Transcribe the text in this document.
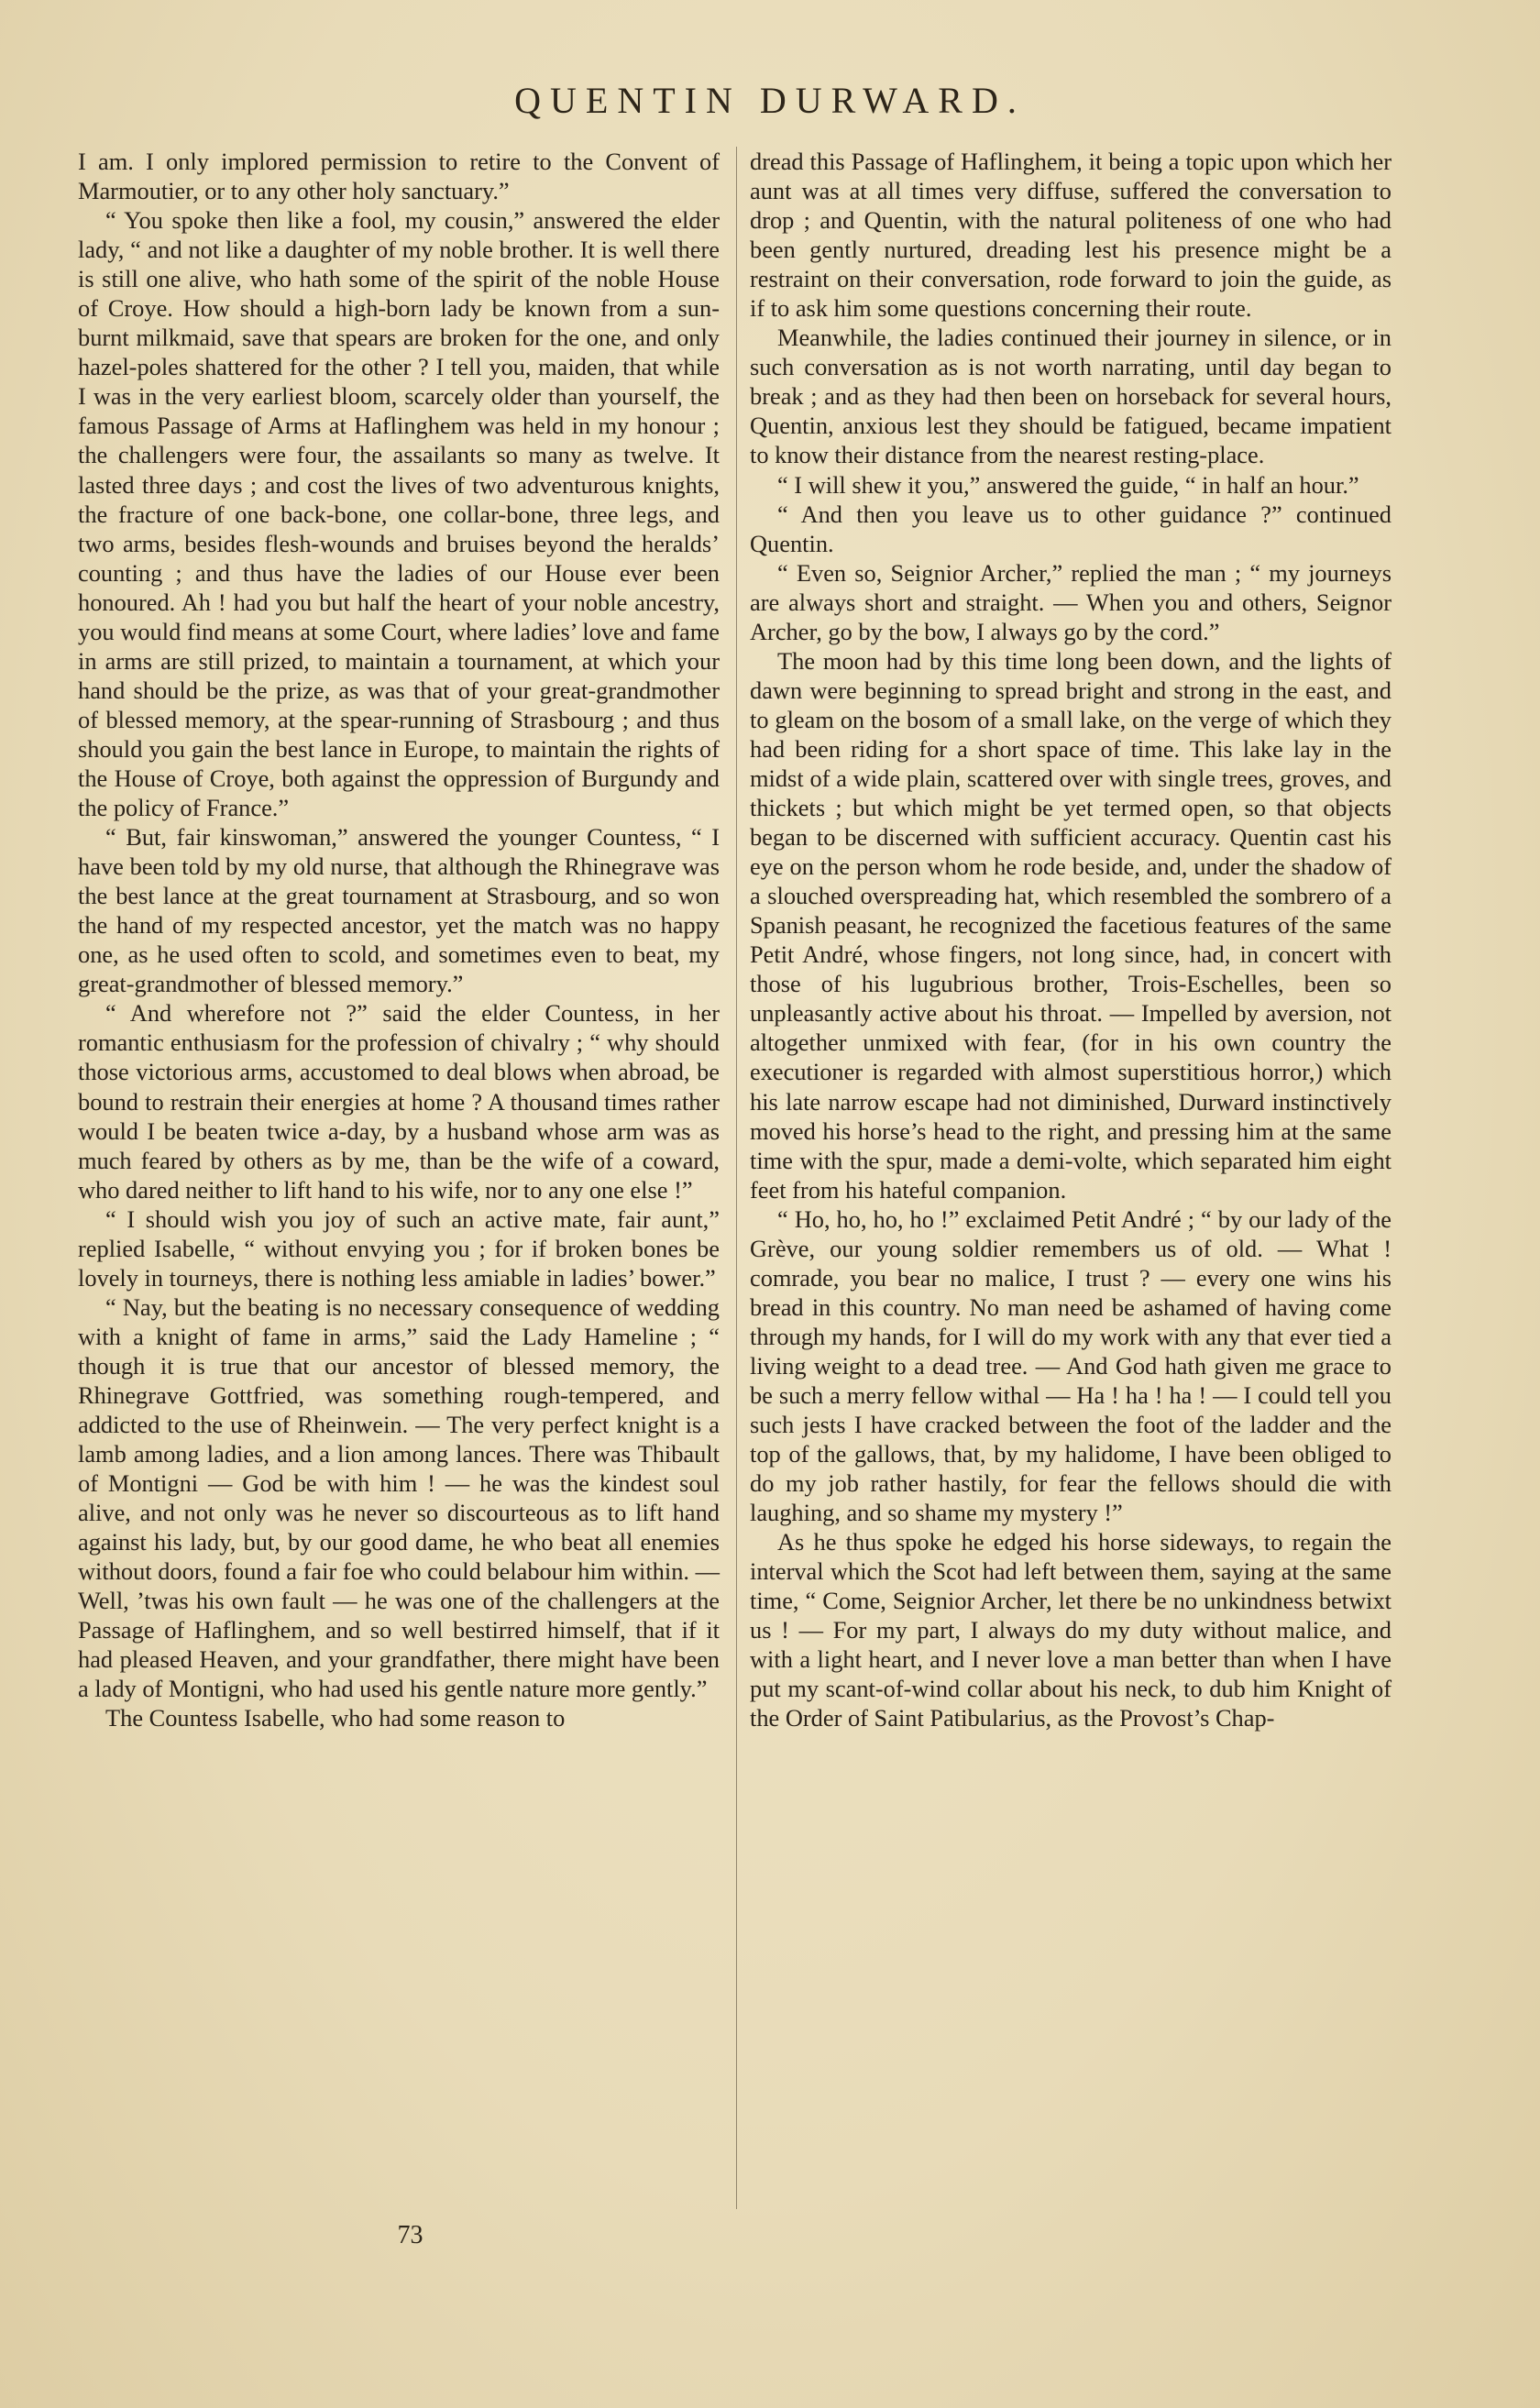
QUENTIN DURWARD.

I am. I only implored permission to retire to the Convent of Marmoutier, or to any other holy sanctuary.”

“ You spoke then like a fool, my cousin,” answered the elder lady, “ and not like a daughter of my noble brother. It is well there is still one alive, who hath some of the spirit of the noble House of Croye. How should a high-born lady be known from a sun-burnt milkmaid, save that spears are broken for the one, and only hazel-poles shattered for the other ? I tell you, maiden, that while I was in the very earliest bloom, scarcely older than yourself, the famous Passage of Arms at Haflinghem was held in my honour ; the challengers were four, the assailants so many as twelve. It lasted three days ; and cost the lives of two adventurous knights, the fracture of one back-bone, one collar-bone, three legs, and two arms, besides flesh-wounds and bruises beyond the heralds’ counting ; and thus have the ladies of our House ever been honoured. Ah ! had you but half the heart of your noble ancestry, you would find means at some Court, where ladies’ love and fame in arms are still prized, to maintain a tournament, at which your hand should be the prize, as was that of your great-grandmother of blessed memory, at the spear-running of Strasbourg ; and thus should you gain the best lance in Europe, to maintain the rights of the House of Croye, both against the oppression of Burgundy and the policy of France.”

“ But, fair kinswoman,” answered the younger Countess, “ I have been told by my old nurse, that although the Rhinegrave was the best lance at the great tournament at Strasbourg, and so won the hand of my respected ancestor, yet the match was no happy one, as he used often to scold, and sometimes even to beat, my great-grandmother of blessed memory.”

“ And wherefore not ?” said the elder Countess, in her romantic enthusiasm for the profession of chivalry ; “ why should those victorious arms, accustomed to deal blows when abroad, be bound to restrain their energies at home ? A thousand times rather would I be beaten twice a-day, by a husband whose arm was as much feared by others as by me, than be the wife of a coward, who dared neither to lift hand to his wife, nor to any one else !”

“ I should wish you joy of such an active mate, fair aunt,” replied Isabelle, “ without envying you ; for if broken bones be lovely in tourneys, there is nothing less amiable in ladies’ bower.”

“ Nay, but the beating is no necessary consequence of wedding with a knight of fame in arms,” said the Lady Hameline ; “ though it is true that our ancestor of blessed memory, the Rhinegrave Gottfried, was something rough-tempered, and addicted to the use of Rheinwein. — The very perfect knight is a lamb among ladies, and a lion among lances. There was Thibault of Montigni — God be with him ! — he was the kindest soul alive, and not only was he never so discourteous as to lift hand against his lady, but, by our good dame, he who beat all enemies without doors, found a fair foe who could belabour him within. — Well, ’twas his own fault — he was one of the challengers at the Passage of Haflinghem, and so well bestirred himself, that if it had pleased Heaven, and your grandfather, there might have been a lady of Montigni, who had used his gentle nature more gently.”

The Countess Isabelle, who had some reason to

dread this Passage of Haflinghem, it being a topic upon which her aunt was at all times very diffuse, suffered the conversation to drop ; and Quentin, with the natural politeness of one who had been gently nurtured, dreading lest his presence might be a restraint on their conversation, rode forward to join the guide, as if to ask him some questions concerning their route.

Meanwhile, the ladies continued their journey in silence, or in such conversation as is not worth narrating, until day began to break ; and as they had then been on horseback for several hours, Quentin, anxious lest they should be fatigued, became impatient to know their distance from the nearest resting-place.

“ I will shew it you,” answered the guide, “ in half an hour.”

“ And then you leave us to other guidance ?” continued Quentin.

“ Even so, Seignior Archer,” replied the man ; “ my journeys are always short and straight. — When you and others, Seignor Archer, go by the bow, I always go by the cord.”

The moon had by this time long been down, and the lights of dawn were beginning to spread bright and strong in the east, and to gleam on the bosom of a small lake, on the verge of which they had been riding for a short space of time. This lake lay in the midst of a wide plain, scattered over with single trees, groves, and thickets ; but which might be yet termed open, so that objects began to be discerned with sufficient accuracy. Quentin cast his eye on the person whom he rode beside, and, under the shadow of a slouched overspreading hat, which resembled the sombrero of a Spanish peasant, he recognized the facetious features of the same Petit André, whose fingers, not long since, had, in concert with those of his lugubrious brother, Trois-Eschelles, been so unpleasantly active about his throat. — Impelled by aversion, not altogether unmixed with fear, (for in his own country the executioner is regarded with almost superstitious horror,) which his late narrow escape had not diminished, Durward instinctively moved his horse’s head to the right, and pressing him at the same time with the spur, made a demi-volte, which separated him eight feet from his hateful companion.

“ Ho, ho, ho, ho !” exclaimed Petit André ; “ by our lady of the Grève, our young soldier remembers us of old. — What ! comrade, you bear no malice, I trust ? — every one wins his bread in this country. No man need be ashamed of having come through my hands, for I will do my work with any that ever tied a living weight to a dead tree. — And God hath given me grace to be such a merry fellow withal — Ha ! ha ! ha ! — I could tell you such jests I have cracked between the foot of the ladder and the top of the gallows, that, by my halidome, I have been obliged to do my job rather hastily, for fear the fellows should die with laughing, and so shame my mystery !”

As he thus spoke he edged his horse sideways, to regain the interval which the Scot had left between them, saying at the same time, “ Come, Seignior Archer, let there be no unkindness betwixt us ! — For my part, I always do my duty without malice, and with a light heart, and I never love a man better than when I have put my scant-of-wind collar about his neck, to dub him Knight of the Order of Saint Patibularius, as the Provost’s Chap-

73
